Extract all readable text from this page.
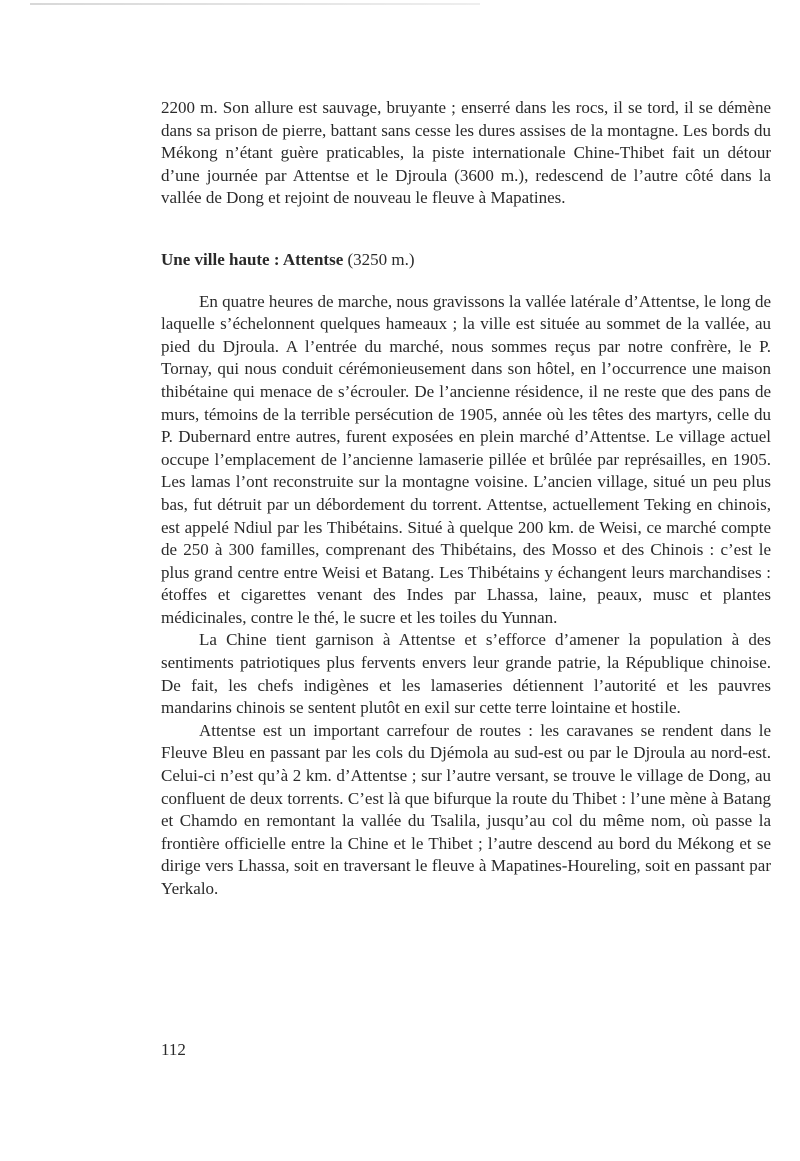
2200 m. Son allure est sauvage, bruyante ; enserré dans les rocs, il se tord, il se démène dans sa prison de pierre, battant sans cesse les dures assises de la montagne. Les bords du Mékong n’étant guère praticables, la piste internationale Chine-Thibet fait un détour d’une journée par Attentse et le Djroula (3600 m.), redescend de l’autre côté dans la vallée de Dong et rejoint de nouveau le fleuve à Mapatines.

Une ville haute : Attentse (3250 m.)

En quatre heures de marche, nous gravissons la vallée latérale d’Attentse, le long de laquelle s’échelonnent quelques hameaux ; la ville est située au sommet de la vallée, au pied du Djroula. A l’entrée du marché, nous sommes reçus par notre confrère, le P. Tornay, qui nous conduit cérémonieusement dans son hôtel, en l’occurrence une maison thibétaine qui menace de s’écrouler. De l’ancienne résidence, il ne reste que des pans de murs, témoins de la terrible persécution de 1905, année où les têtes des martyrs, celle du P. Dubernard entre autres, furent exposées en plein marché d’Attentse. Le village actuel occupe l’emplacement de l’ancienne lamaserie pillée et brûlée par représailles, en 1905. Les lamas l’ont reconstruite sur la montagne voisine. L’ancien village, situé un peu plus bas, fut détruit par un débordement du torrent. Attentse, actuellement Teking en chinois, est appelé Ndiul par les Thibétains. Situé à quelque 200 km. de Weisi, ce marché compte de 250 à 300 familles, comprenant des Thibétains, des Mosso et des Chinois : c’est le plus grand centre entre Weisi et Batang. Les Thibétains y échangent leurs marchandises : étoffes et cigarettes venant des Indes par Lhassa, laine, peaux, musc et plantes médicinales, contre le thé, le sucre et les toiles du Yunnan.

La Chine tient garnison à Attentse et s’efforce d’amener la population à des sentiments patriotiques plus fervents envers leur grande patrie, la République chinoise. De fait, les chefs indigènes et les lamaseries détiennent l’autorité et les pauvres mandarins chinois se sentent plutôt en exil sur cette terre lointaine et hostile.

Attentse est un important carrefour de routes : les caravanes se rendent dans le Fleuve Bleu en passant par les cols du Djémola au sud-est ou par le Djroula au nord-est. Celui-ci n’est qu’à 2 km. d’Attentse ; sur l’autre versant, se trouve le village de Dong, au confluent de deux torrents. C’est là que bifurque la route du Thibet : l’une mène à Batang et Chamdo en remontant la vallée du Tsalila, jusqu’au col du même nom, où passe la frontière officielle entre la Chine et le Thibet ; l’autre descend au bord du Mékong et se dirige vers Lhassa, soit en traversant le fleuve à Mapatines-Houreling, soit en passant par Yerkalo.

112
